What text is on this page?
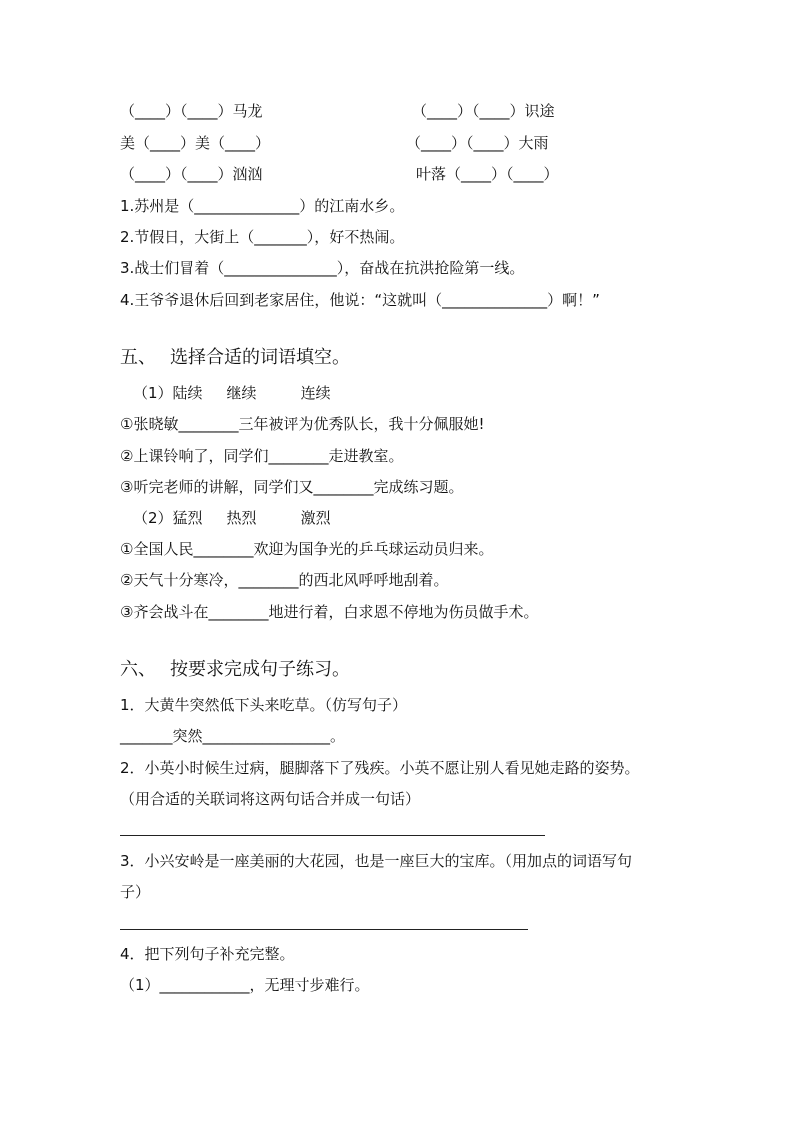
（____）（____）马龙	（____）（____）识途
美（____）美（____）	（____）（____）大雨
（____）（____）汹汹	叶落（____）（____）
1.苏州是（______________）的江南水乡。
2.节假日，大街上（_______），好不热闹。
3.战士们冒着（_______________），奋战在抗洪抢险第一线。
4.王爷爷退休后回到老家居住，他说：“这就叫（______________）啊！”
五、 选择合适的词语填空。
（1）陆续 继续	连续
①张晓敏________三年被评为优秀队长，我十分佩服她!
②上课铃响了，同学们________走进教室。
③听完老师的讲解，同学们又________完成练习题。
（2）猛烈 热烈	激烈
①全国人民________欢迎为国争光的乒乓球运动员归来。
②天气十分寒冷，________的西北风呼呼地刮着。
③齐会战斗在________地进行着，白求恩不停地为伤员做手术。
六、 按要求完成句子练习。
1．大黄牛突然低下头来吃草。（仿写句子）
_______突然_________________。
2．小英小时候生过病，腿脚落下了残疾。小英不愿让别人看见她走路的姿势。
（用合适的关联词将这两句话合并成一句话）
3．小兴安岭是一座美丽的大花园，也是一座巨大的宝库。（用加点的词语写句
子）
4．把下列句子补充完整。
（1）____________，无理寸步难行。
